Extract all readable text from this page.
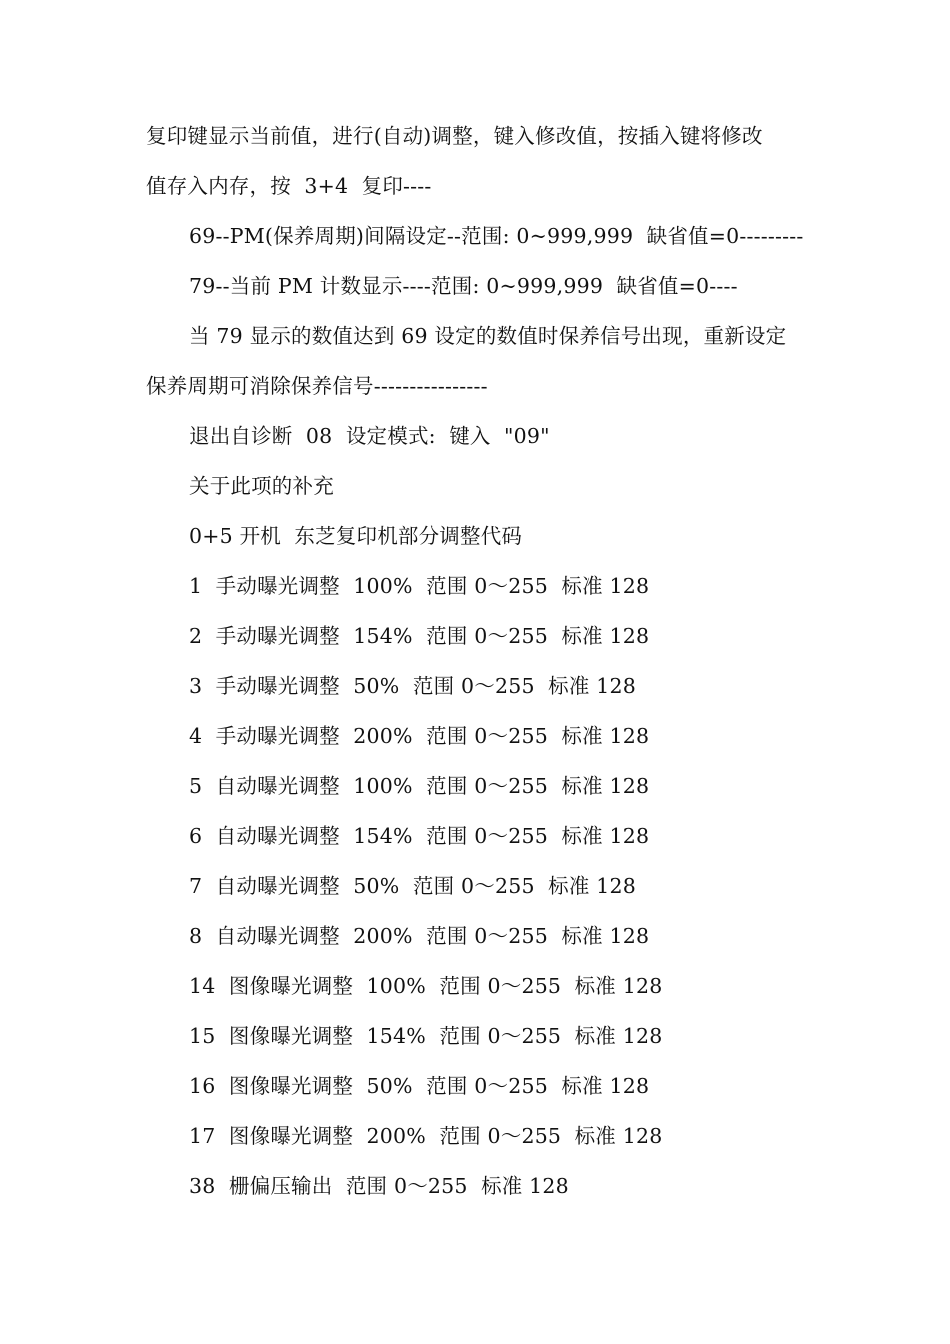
复印键显示当前值，进行(自动)调整，键入修改值，按插入键将修改
值存入内存，按  3+4  复印----
69--PM(保养周期)间隔设定--范围: 0~999,999  缺省值=0---------
79--当前 PM 计数显示----范围: 0~999,999  缺省值=0----
当 79 显示的数值达到 69 设定的数值时保养信号出现，重新设定
保养周期可消除保养信号----------------
退出自诊断  08  设定模式:  键入  "09"
关于此项的补充
0+5 开机  东芝复印机部分调整代码
1  手动曝光调整  100%  范围 0～255  标准 128
2  手动曝光调整  154%  范围 0～255  标准 128
3  手动曝光调整  50%  范围 0～255  标准 128
4  手动曝光调整  200%  范围 0～255  标准 128
5  自动曝光调整  100%  范围 0～255  标准 128
6  自动曝光调整  154%  范围 0～255  标准 128
7  自动曝光调整  50%  范围 0～255  标准 128
8  自动曝光调整  200%  范围 0～255  标准 128
14  图像曝光调整  100%  范围 0～255  标准 128
15  图像曝光调整  154%  范围 0～255  标准 128
16  图像曝光调整  50%  范围 0～255  标准 128
17  图像曝光调整  200%  范围 0～255  标准 128
38  栅偏压输出  范围 0～255  标准 128
